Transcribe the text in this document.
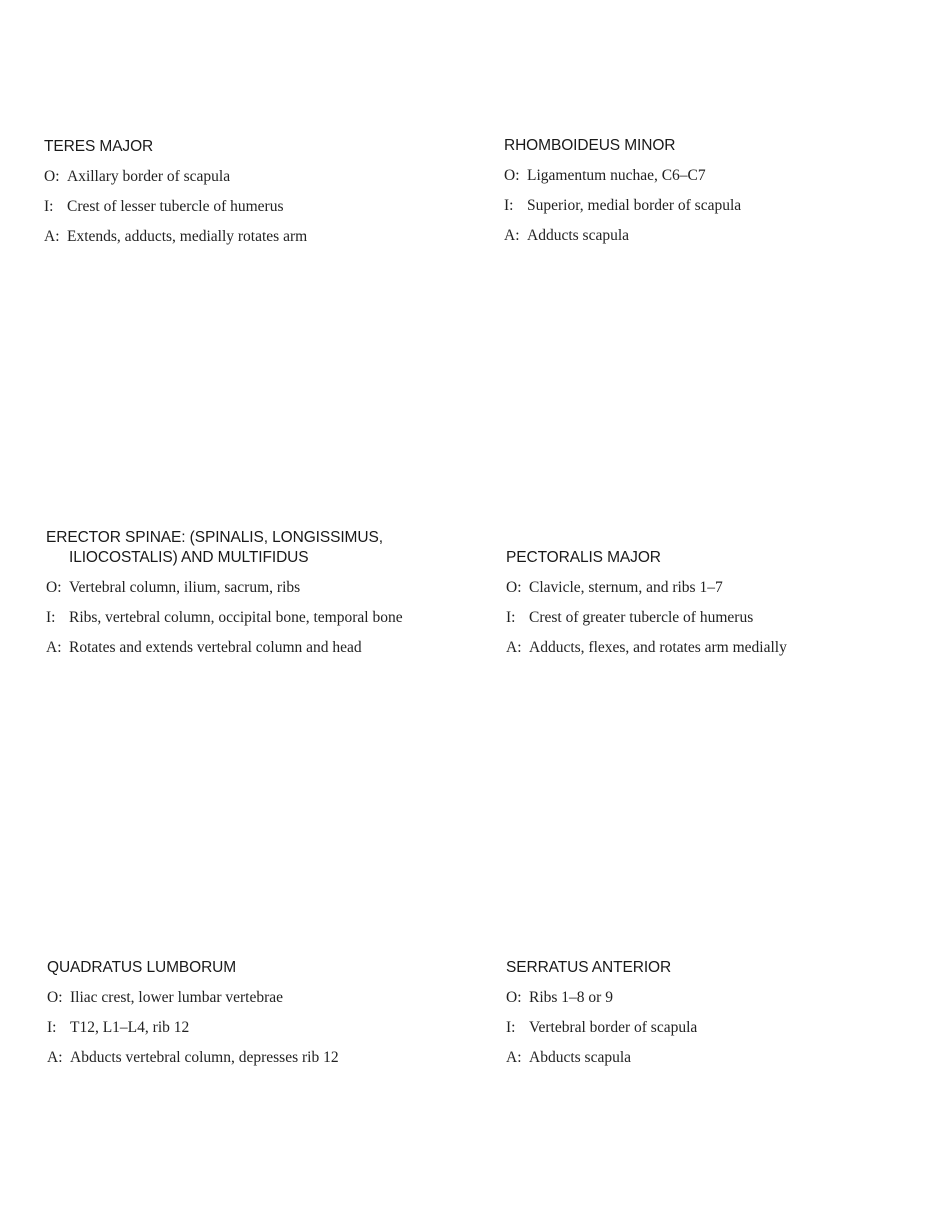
TERES MAJOR
O: Axillary border of scapula
I: Crest of lesser tubercle of humerus
A: Extends, adducts, medially rotates arm
RHOMBOIDEUS MINOR
O: Ligamentum nuchae, C6–C7
I: Superior, medial border of scapula
A: Adducts scapula
ERECTOR SPINAE: (SPINALIS, LONGISSIMUS, ILIOCOSTALIS) AND MULTIFIDUS
O: Vertebral column, ilium, sacrum, ribs
I: Ribs, vertebral column, occipital bone, temporal bone
A: Rotates and extends vertebral column and head
PECTORALIS MAJOR
O: Clavicle, sternum, and ribs 1–7
I: Crest of greater tubercle of humerus
A: Adducts, flexes, and rotates arm medially
QUADRATUS LUMBORUM
O: Iliac crest, lower lumbar vertebrae
I: T12, L1–L4, rib 12
A: Abducts vertebral column, depresses rib 12
SERRATUS ANTERIOR
O: Ribs 1–8 or 9
I: Vertebral border of scapula
A: Abducts scapula
